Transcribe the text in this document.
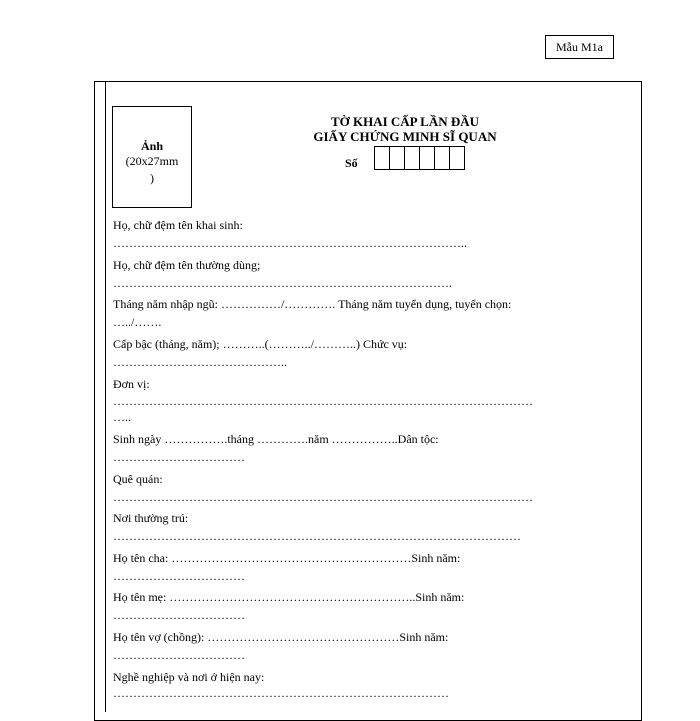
Mẫu M1a
Ảnh
(20x27mm
)
TỜ KHAI CẤP LẦN ĐẦU
GIẤY CHỨNG MINH SĨ QUAN
Số
Họ, chữ đệm tên khai sinh:
……………………………………………………………………………..
Họ, chữ đệm tên thường dùng;
………………………………………………………………………….
Tháng năm nhập ngũ: ……………/…………. Tháng năm tuyển dụng, tuyển chọn:
…../…….
Cấp bậc (tháng, năm); ………..(………../………..) Chức vụ:
……………………………………..
Đơn vị:
……………………………………………………………………………………………
…..
Sinh ngày …………….tháng ………….năm ……………..Dân tộc:
……………………………
Quê quán:
……………………………………………………………………………………………
Nơi thường trú:
…………………………………………………………………………………………
Họ tên cha: ……………………………………………………Sinh năm:
……………………………
Họ tên mẹ: ……………………………………………………..Sinh năm:
……………………………
Họ tên vợ (chồng): …………………………………………Sinh năm:
……………………………
Nghề nghiệp và nơi ở hiện nay:
…………………………………………………………………………
